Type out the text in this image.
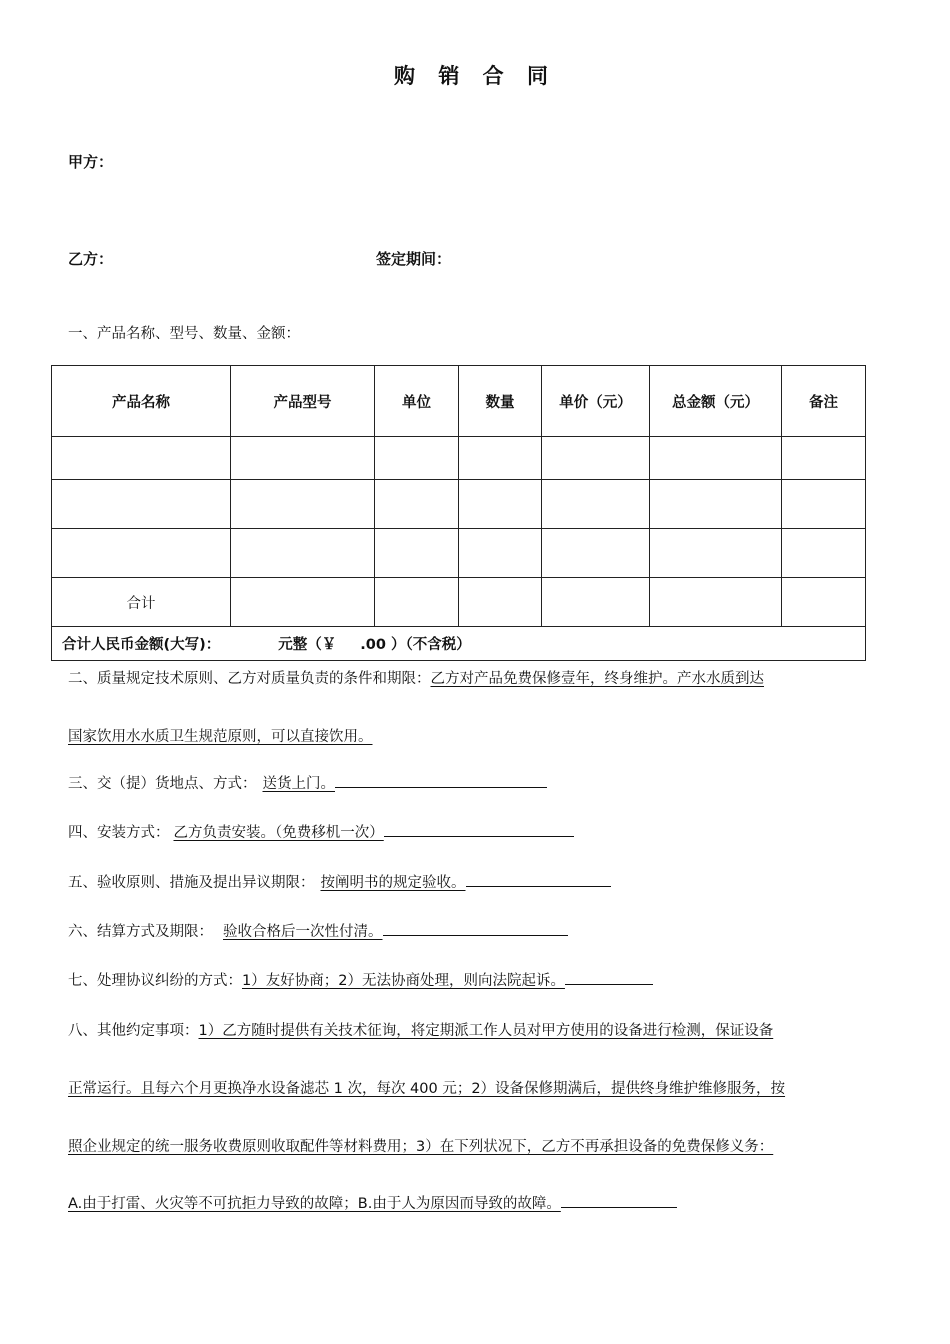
购 销 合 同
甲方：
乙方：	签定期间：
一、产品名称、型号、数量、金额：
产品名称	产品型号	单位	数量	单价（元）	总金额（元）	备注

合计						
合计人民币金额(大写)： 元整（￥ .00 ）（不含税）						
二、质量规定技术原则、乙方对质量负责的条件和期限：乙方对产品免费保修壹年，终身维护。产水水质到达
国家饮用水水质卫生规范原则，可以直接饮用。
三、交（提）货地点、方式： 送货上门。
四、安装方式： 乙方负责安装。（免费移机一次）
五、验收原则、措施及提出异议期限： 按阐明书的规定验收。
六、结算方式及期限： 验收合格后一次性付清。
七、处理协议纠纷的方式：1）友好协商；2）无法协商处理，则向法院起诉。
八、其他约定事项：1）乙方随时提供有关技术征询，将定期派工作人员对甲方使用的设备进行检测，保证设备
正常运行。且每六个月更换净水设备滤芯 1 次，每次 400 元；2）设备保修期满后，提供终身维护维修服务，按
照企业规定的统一服务收费原则收取配件等材料费用；3）在下列状况下，乙方不再承担设备的免费保修义务：
A.由于打雷、火灾等不可抗拒力导致的故障；B.由于人为原因而导致的故障。
